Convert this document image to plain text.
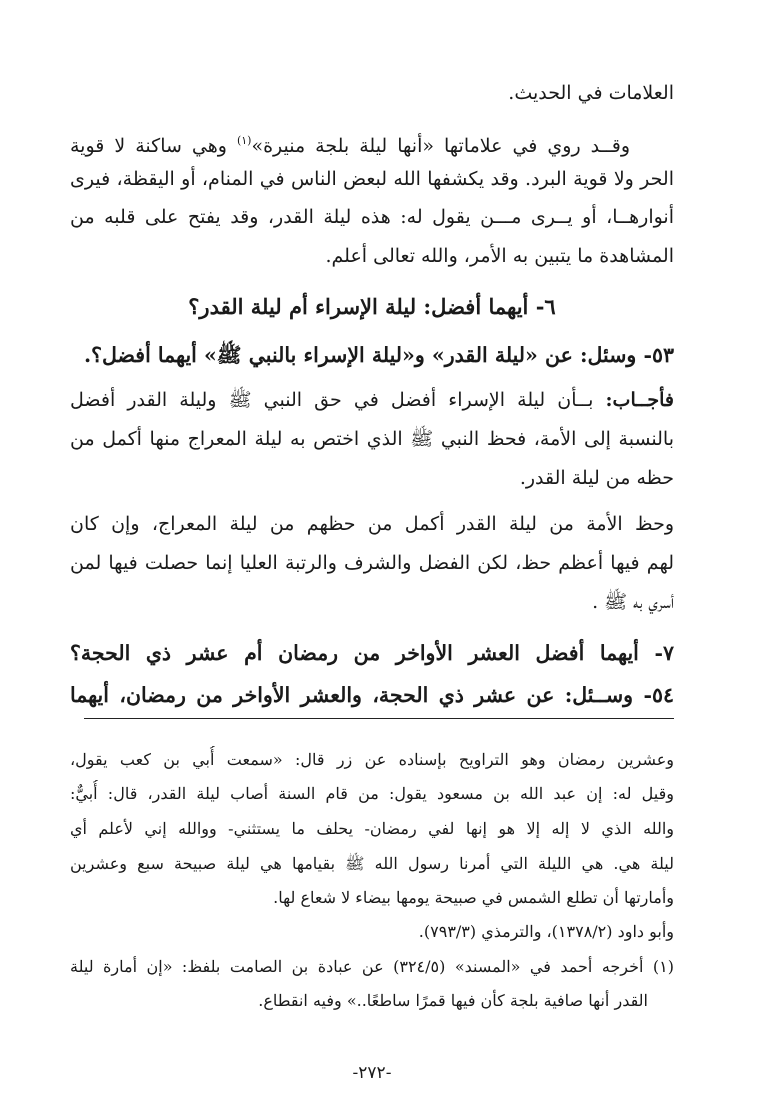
العلامات في الحديث.
وقــد روي في علاماتها «أنها ليلة بلجة منيرة»$^{(١)}$ وهي ساكنة لا قوية
الحر ولا قوية البرد. وقد يكشفها الله لبعض الناس في المنام، أو اليقظة، فيرى
أنوارهــا، أو يــرى مـــن يقول له: هذه ليلة القدر، وقد يفتح على قلبه من
المشاهدة ما يتبين به الأمر، والله تعالى أعلم.
٦- أيهما أفضل: ليلة الإسراء أم ليلة القدر؟
٥٣- وسئل: عن «ليلة القدر» و«ليلة الإسراء بالنبي ﷺ» أيهما أفضل؟.
فأجــاب: بــأن ليلة الإسراء أفضل في حق النبي ﷺ وليلة القدر أفضل
بالنسبة إلى الأمة، فحظ النبي ﷺ الذي اختص به ليلة المعراج منها أكمل من
حظه من ليلة القدر.
وحظ الأمة من ليلة القدر أكمل من حظهم من ليلة المعراج، وإن كان
لهم فيها أعظم حظ، لكن الفضل والشرف والرتبة العليا إنما حصلت فيها لمن
أسري به ﷺ .
٧- أيهما أفضل العشر الأواخر من رمضان أم عشر ذي الحجة؟
٥٤- وســئل: عن عشر ذي الحجة، والعشر الأواخر من رمضان، أيهما
وعشرين رمضان وهو التراويح بإسناده عن زر قال: «سمعت أُبي بن كعب يقول،
وقيل له: إن عبد الله بن مسعود يقول: من قام السنة أصاب ليلة القدر، قال: أُبيٌّ:
والله الذي لا إله إلا هو إنها لفي رمضان- يحلف ما يستثني- ووالله إني لأعلم أي
ليلة هي. هي الليلة التي أمرنا رسول الله ﷺ بقيامها هي ليلة صبيحة سبع وعشرين
وأمارتها أن تطلع الشمس في صبيحة يومها بيضاء لا شعاع لها.
وأبو داود (١٣٧٨/٢)، والترمذي (٧٩٣/٣).
(١) أخرجه أحمد في «المسند» (٣٢٤/٥) عن عبادة بن الصامت بلفظ: «إن أمارة ليلة
القدر أنها صافية بلجة كأن فيها قمرًا ساطعًا..» وفيه انقطاع.
-٢٧٢-
